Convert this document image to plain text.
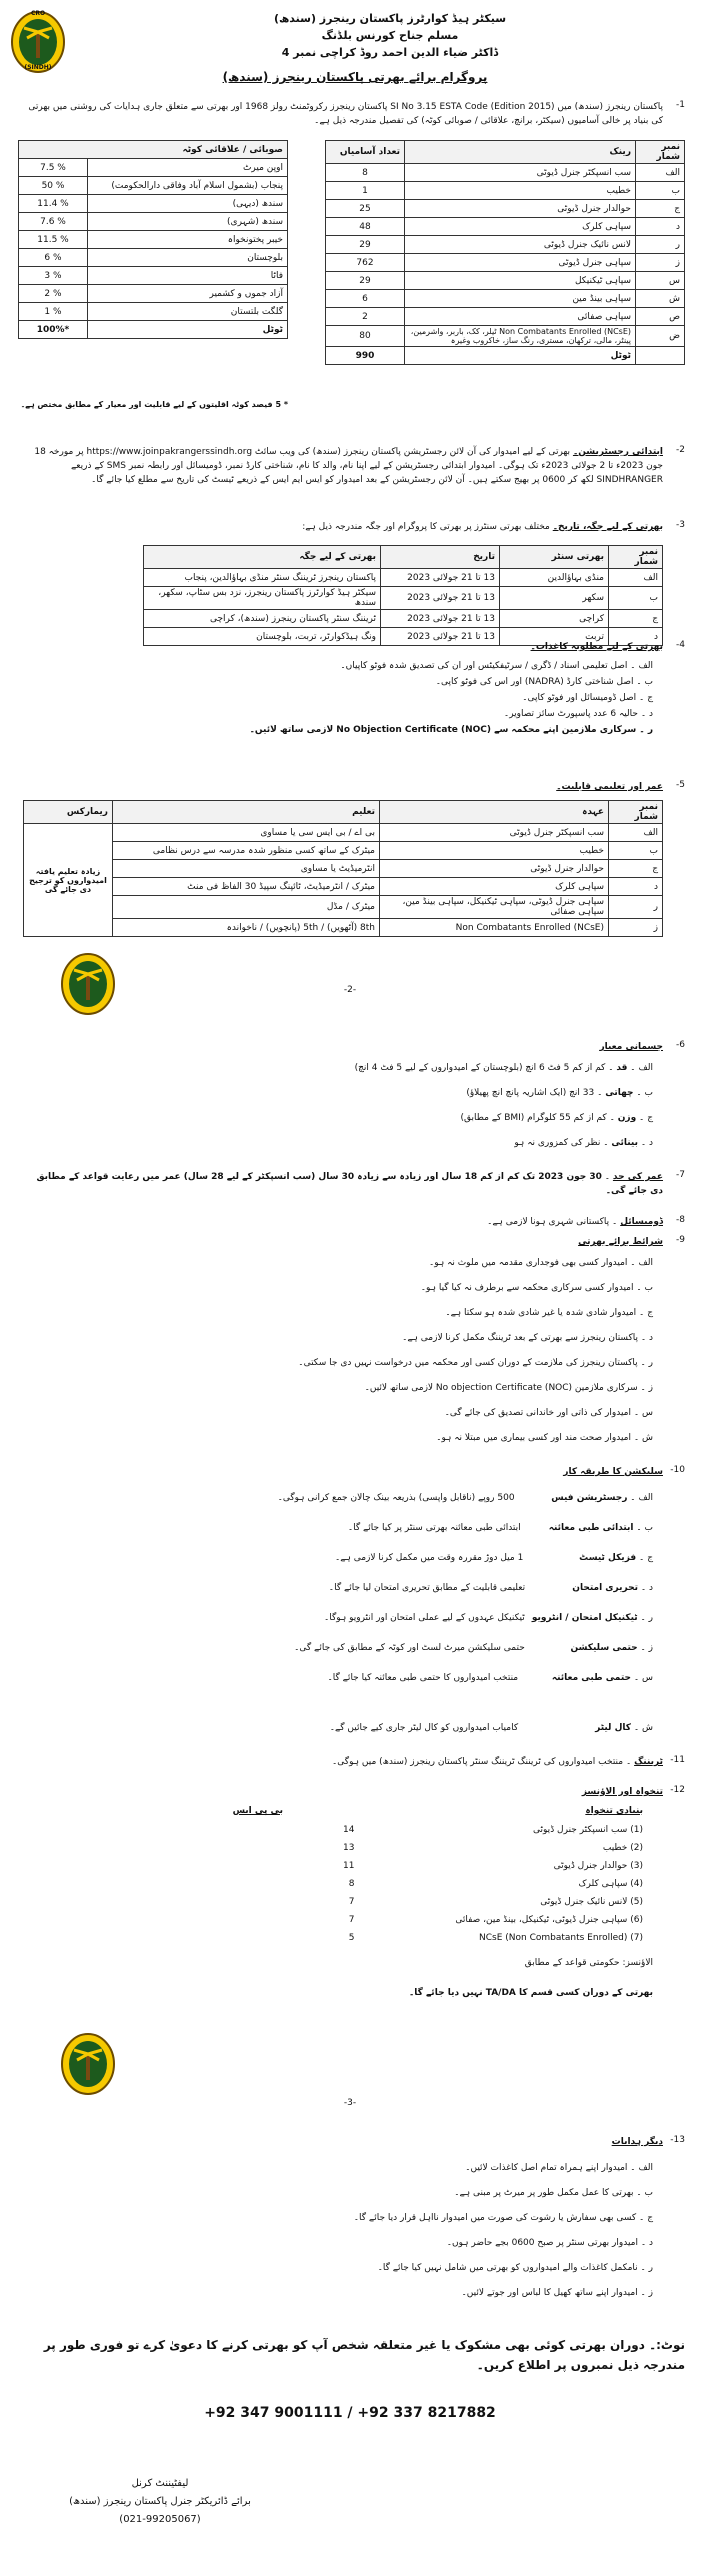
CRO
(SINDH)
سیکٹر ہیڈ کوارٹرز پاکستان رینجرز (سندھ)
مسلم جناح کورنس بلڈنگ
ڈاکٹر ضیاء الدین احمد روڈ کراچی نمبر 4
پروگرام برائے بھرتی پاکستان رینجرز (سندھ)
-1
پاکستان رینجرز (سندھ) میں SI No 3.15 ESTA Code (Edition 2015) پاکستان رینجرز رکروٹمنٹ رولز 1968 اور بھرتی سے متعلق جاری ہدایات کی روشنی میں بھرتی کی بنیاد پر خالی آسامیوں (سیکٹر، برانچ، علاقائی / صوبائی کوٹہ) کی تفصیل مندرجہ ذیل ہے۔
نمبر شمار	رینک	تعداد آسامیاں
الف	سب انسپکٹر جنرل ڈیوٹی	8
ب	خطیب	1
ج	حوالدار جنرل ڈیوٹی	25
د	سپاہی کلرک	48
ر	لانس نائیک جنرل ڈیوٹی	29
ز	سپاہی جنرل ڈیوٹی	762
س	سپاہی ٹیکنیکل	29
ش	سپاہی بینڈ مین	6
ص	سپاہی صفائی	2
ض	Non Combatants Enrolled (NCsE) ٹیلر، کک، باربر، واشرمین، پینٹر، مالی، ترکھان، مستری، رنگ ساز، خاکروب وغیرہ	80
	ٹوٹل	990
صوبائی / علاقائی کوٹہ	
اوپن میرٹ	7.5 %
پنجاب (بشمول اسلام آباد وفاقی دارالحکومت)	50 %
سندھ (دیہی)	11.4 %
سندھ (شہری)	7.6 %
خیبر پختونخواہ	11.5 %
بلوچستان	6 %
فاٹا	3 %
آزاد جموں و کشمیر	2 %
گلگت بلتستان	1 %
ٹوٹل	100%*
* 5 فیصد کوٹہ اقلیتوں کے لیے قابلیت اور معیار کے مطابق مختص ہے۔
-2
ابتدائی رجسٹریشن۔ بھرتی کے لیے امیدوار کی آن لائن رجسٹریشن پاکستان رینجرز (سندھ) کی ویب سائٹ https://www.joinpakrangerssindh.org پر مورخہ 18 جون 2023ء تا 2 جولائی 2023ء تک ہوگی۔ امیدوار ابتدائی رجسٹریشن کے لیے اپنا نام، والد کا نام، شناختی کارڈ نمبر، ڈومیسائل اور رابطہ نمبر SMS کے ذریعے SINDHRANGER لکھ کر 0600 پر بھیج سکتے ہیں۔ آن لائن رجسٹریشن کے بعد امیدوار کو ایس ایم ایس کے ذریعے ٹیسٹ کی تاریخ سے مطلع کیا جائے گا۔
-3
بھرتی کے لیے جگہ، تاریخ۔ مختلف بھرتی سنٹرز پر بھرتی کا پروگرام اور جگہ مندرجہ ذیل ہے:
نمبر شمار	بھرتی سنٹر	تاریخ	بھرتی کے لیے جگہ
الف	منڈی بہاؤالدین	13 تا 21 جولائی 2023	پاکستان رینجرز ٹریننگ سنٹر منڈی بہاؤالدین، پنجاب
ب	سکھر	13 تا 21 جولائی 2023	سیکٹر ہیڈ کوارٹرز پاکستان رینجرز، نزد بس سٹاپ، سکھر، سندھ
ج	کراچی	13 تا 21 جولائی 2023	ٹریننگ سنٹر پاکستان رینجرز (سندھ)، کراچی
د	تربت	13 تا 21 جولائی 2023	ونگ ہیڈکوارٹر، تربت، بلوچستان
-4
بھرتی کے لیے مطلوبہ کاغذات۔
الف ۔ اصل تعلیمی اسناد / ڈگری / سرٹیفکیٹس اور ان کی تصدیق شدہ فوٹو کاپیاں۔
ب ۔ اصل شناختی کارڈ (NADRA) اور اس کی فوٹو کاپی۔
ج ۔ اصل ڈومیسائل اور فوٹو کاپی۔
د ۔ حالیہ 6 عدد پاسپورٹ سائز تصاویر۔
ر ۔ سرکاری ملازمین اپنے محکمہ سے No Objection Certificate (NOC) لازمی ساتھ لائیں۔
-5
عمر اور تعلیمی قابلیت۔
نمبر شمار	عہدہ	تعلیم	ریمارکس
الف	سب انسپکٹر جنرل ڈیوٹی	بی اے / بی ایس سی یا مساوی	زیادہ تعلیم یافتہ امیدواروں کو ترجیح دی جائے گی
ب	خطیب	میٹرک کے ساتھ کسی منظور شدہ مدرسہ سے درس نظامی	
ج	حوالدار جنرل ڈیوٹی	انٹرمیڈیٹ یا مساوی	
د	سپاہی کلرک	میٹرک / انٹرمیڈیٹ، ٹائپنگ سپیڈ 30 الفاظ فی منٹ	
ر	سپاہی جنرل ڈیوٹی، سپاہی ٹیکنیکل، سپاہی بینڈ مین، سپاہی صفائی	میٹرک / مڈل	
ز	Non Combatants Enrolled (NCsE)	8th (آٹھویں) / 5th (پانچویں) / ناخواندہ	
-2-
-6
جسمانی معیار
الف ۔ قد ۔ کم از کم 5 فٹ 6 انچ (بلوچستان کے امیدواروں کے لیے 5 فٹ 4 انچ)
ب ۔ چھاتی ۔ 33 انچ (ایک اشاریہ پانچ انچ پھیلاؤ)
ج ۔ وزن ۔ کم از کم 55 کلوگرام (BMI کے مطابق)
د ۔ بینائی ۔ نظر کی کمزوری نہ ہو
-7
عمر کی حد ۔ 30 جون 2023 تک کم از کم 18 سال اور زیادہ سے زیادہ 30 سال (سب انسپکٹر کے لیے 28 سال) عمر میں رعایت قواعد کے مطابق دی جائے گی۔
-8
ڈومیسائل ۔ پاکستانی شہری ہونا لازمی ہے۔
-9
شرائط برائے بھرتی
الف ۔ امیدوار کسی بھی فوجداری مقدمہ میں ملوث نہ ہو۔
ب ۔ امیدوار کسی سرکاری محکمہ سے برطرف نہ کیا گیا ہو۔
ج ۔ امیدوار شادی شدہ یا غیر شادی شدہ ہو سکتا ہے۔
د ۔ پاکستان رینجرز سے بھرتی کے بعد ٹریننگ مکمل کرنا لازمی ہے۔
ر ۔ پاکستان رینجرز کی ملازمت کے دوران کسی اور محکمہ میں درخواست نہیں دی جا سکتی۔
ز ۔ سرکاری ملازمین No objection Certificate (NOC) لازمی ساتھ لائیں۔
س ۔ امیدوار کی ذاتی اور خاندانی تصدیق کی جائے گی۔
ش ۔ امیدوار صحت مند اور کسی بیماری میں مبتلا نہ ہو۔
-10
سلیکشن کا طریقہ کار
الف ۔ رجسٹریشن فیس 500 روپے (ناقابل واپسی) بذریعہ بینک چالان جمع کرانی ہوگی۔
ب ۔ ابتدائی طبی معائنہ ابتدائی طبی معائنہ بھرتی سنٹر پر کیا جائے گا۔
ج ۔ فزیکل ٹیسٹ 1 میل دوڑ مقررہ وقت میں مکمل کرنا لازمی ہے۔
د ۔ تحریری امتحان تعلیمی قابلیت کے مطابق تحریری امتحان لیا جائے گا۔
ر ۔ ٹیکنیکل امتحان / انٹرویو ٹیکنیکل عہدوں کے لیے عملی امتحان اور انٹرویو ہوگا۔
ز ۔ حتمی سلیکشن حتمی سلیکشن میرٹ لسٹ اور کوٹہ کے مطابق کی جائے گی۔
س ۔ حتمی طبی معائنہ منتخب امیدواروں کا حتمی طبی معائنہ کیا جائے گا۔
ش ۔ کال لیٹر کامیاب امیدواروں کو کال لیٹر جاری کیے جائیں گے۔
-11
ٹریننگ ۔ منتخب امیدواروں کی ٹریننگ ٹریننگ سنٹر پاکستان رینجرز (سندھ) میں ہوگی۔
-12
تنخواہ اور الاؤنسز
بنیادی تنخواہ
بی پی ایس
(1) سب انسپکٹر جنرل ڈیوٹی 14
(2) خطیب 13
(3) حوالدار جنرل ڈیوٹی 11
(4) سپاہی کلرک 8
(5) لانس نائیک جنرل ڈیوٹی 7
(6) سپاہی جنرل ڈیوٹی، ٹیکنیکل، بینڈ مین، صفائی 7
(7) (Non Combatants Enrolled) NCsE 5
الاؤنسز: حکومتی قواعد کے مطابق
بھرتی کے دوران کسی قسم کا TA/DA نہیں دیا جائے گا۔
-3-
-13
دیگر ہدایات
الف ۔ امیدوار اپنے ہمراہ تمام اصل کاغذات لائیں۔
ب ۔ بھرتی کا عمل مکمل طور پر میرٹ پر مبنی ہے۔
ج ۔ کسی بھی سفارش یا رشوت کی صورت میں امیدوار نااہل قرار دیا جائے گا۔
د ۔ امیدوار بھرتی سنٹر پر صبح 0600 بجے حاضر ہوں۔
ر ۔ نامکمل کاغذات والے امیدواروں کو بھرتی میں شامل نہیں کیا جائے گا۔
ز ۔ امیدوار اپنے ساتھ کھیل کا لباس اور جوتے لائیں۔
نوٹ:۔ دوران بھرتی کوئی بھی مشکوک یا غیر متعلقہ شخص آپ کو بھرتی کرنے کا دعویٰ کرے تو فوری طور پر مندرجہ ذیل نمبروں پر اطلاع کریں۔
+92 347 9001111 / +92 337 8217882
لیفٹیننٹ کرنل
برائے ڈائریکٹر جنرل پاکستان رینجرز (سندھ)
(021-99205067)
